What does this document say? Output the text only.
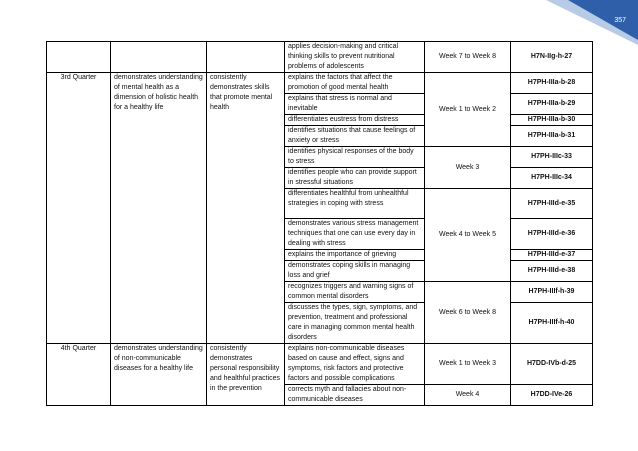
357
			applies decision-making and critical thinking skills to prevent nutritional problems of adolescents	Week 7 to Week 8	H7N-IIg-h-27
3rd Quarter	demonstrates understanding of mental health as a dimension of holistic health for a healthy life	consistently demonstrates skills that promote mental health	explains the factors that affect the promotion of good mental health	Week 1 to Week 2	H7PH-IIIa-b-28
			explains that stress is normal and inevitable		H7PH-IIIa-b-29
			differentiates eustress from distress		H7PH-IIIa-b-30
			identifies situations that cause feelings of anxiety or stress		H7PH-IIIa-b-31
			identifies physical responses of the body to stress	Week 3	H7PH-IIIc-33
			identifies people who can provide support in stressful situations		H7PH-IIIc-34
			differentiates healthful from unhealthful strategies in coping with stress	Week 4 to Week 5	H7PH-IIId-e-35
			demonstrates various stress management techniques that one can use every day in dealing with stress		H7PH-IIId-e-36
			explains the importance of grieving		H7PH-IIId-e-37
			demonstrates coping skills in managing loss and grief		H7PH-IIId-e-38
			recognizes triggers and warning signs of common mental disorders	Week 6 to Week 8	H7PH-IIIf-h-39
			discusses the types, sign, symptoms, and prevention, treatment and professional care in managing common mental health disorders		H7PH-IIIf-h-40
4th Quarter	demonstrates understanding of non-communicable diseases for a healthy life	consistently demonstrates personal responsibility and healthful practices in the prevention	explains non-communicable diseases based on cause and effect, signs and symptoms, risk factors and protective factors and possible complications	Week 1 to Week 3	H7DD-IVb-d-25
			corrects myth and fallacies about non-communicable diseases	Week 4	H7DD-IVe-26
